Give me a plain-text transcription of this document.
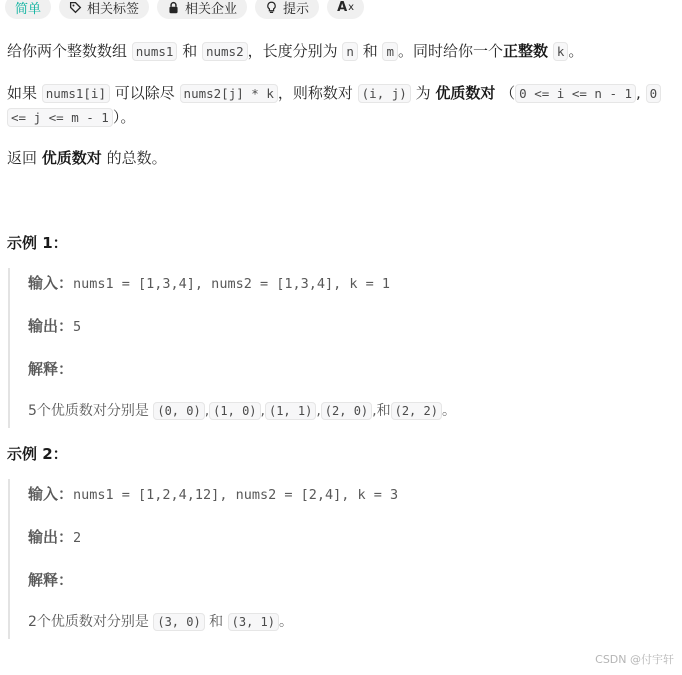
简单	相关标签	相关企业	提示 A x
给你两个整数数组 nums1 和 nums2 ，长度分别为 n 和 m 。同时给你一个正整数 k 。
如果 nums1[i] 可以除尽 nums2[j] * k ，则称数对 (i, j) 为 优质数对 （ 0 <= i <= n - 1 , 0
<= j <= m - 1 ）。
返回 优质数对 的总数。
示例 1：
输入：nums1 = [1,3,4], nums2 = [1,3,4], k = 1
输出：5
解释：
5个优质数对分别是 (0, 0) , (1, 0) , (1, 1) , (2, 0) ,和 (2, 2) 。
示例 2：
输入：nums1 = [1,2,4,12], nums2 = [2,4], k = 3
输出：2
解释：
2个优质数对分别是 (3, 0) 和 (3, 1) 。
CSDN @付宇轩
